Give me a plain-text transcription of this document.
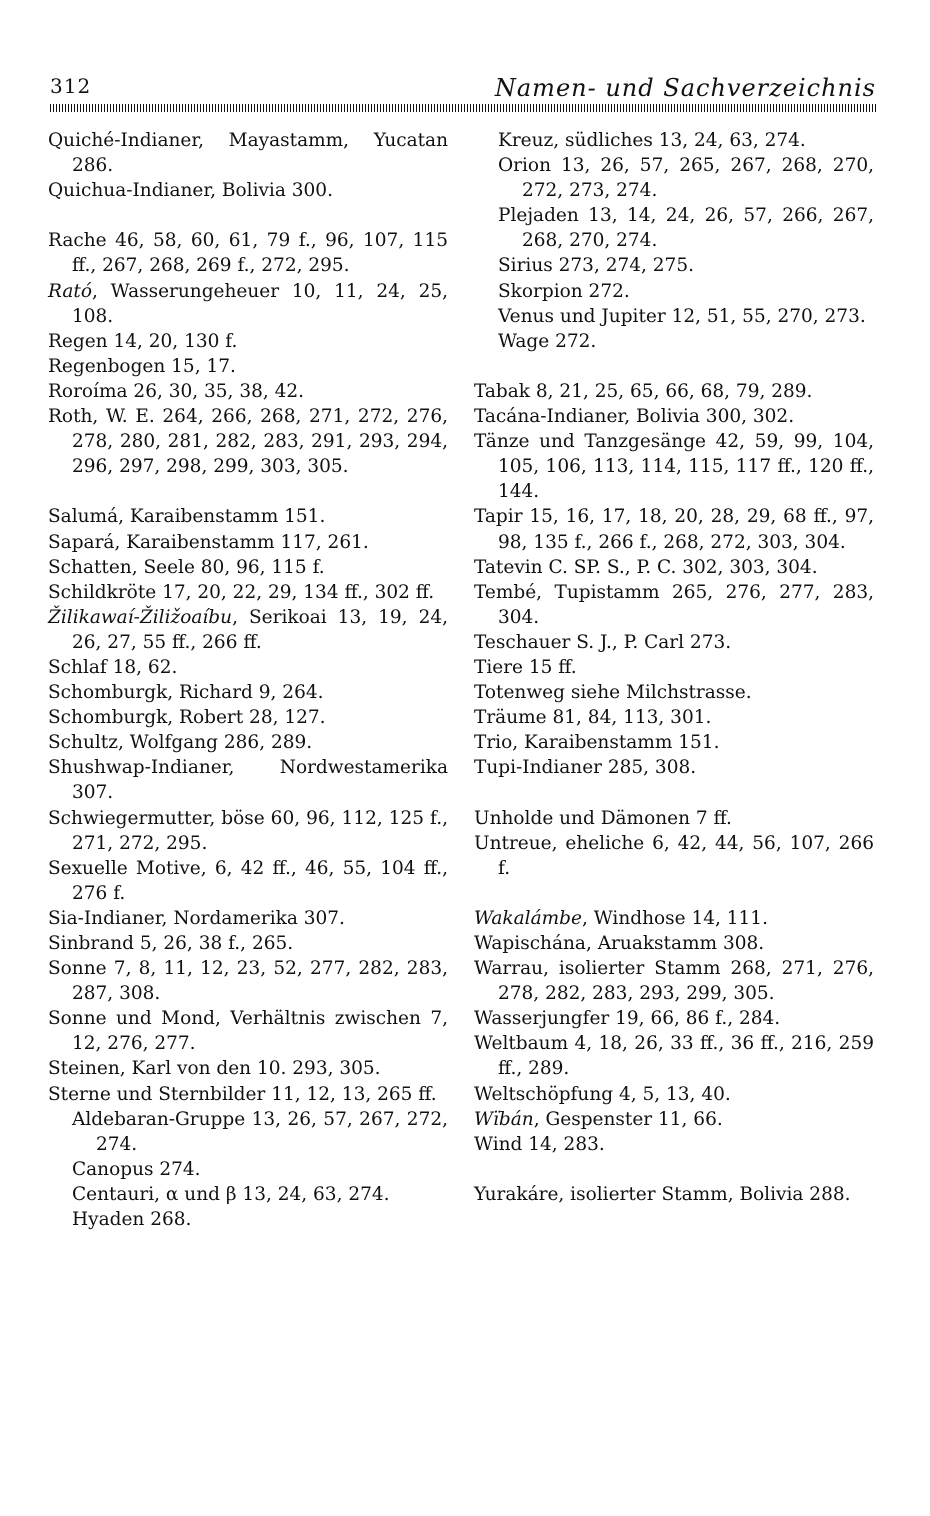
312	Namen- und Sachverzeichnis

Quiché-Indianer, Mayastamm, Yucatan 286.

Quichua-Indianer, Bolivia 300.

Rache 46, 58, 60, 61, 79 f., 96, 107, 115 ff., 267, 268, 269 f., 272, 295.

Rató, Wasserungeheuer 10, 11, 24, 25, 108.

Regen 14, 20, 130 f.

Regenbogen 15, 17.

Roroíma 26, 30, 35, 38, 42.

Roth, W. E. 264, 266, 268, 271, 272, 276, 278, 280, 281, 282, 283, 291, 293, 294, 296, 297, 298, 299, 303, 305.

Salumá, Karaibenstamm 151.

Sapará, Karaibenstamm 117, 261.

Schatten, Seele 80, 96, 115 f.

Schildkröte 17, 20, 22, 29, 134 ff., 302 ff.

Žilikawaí-Žiližoaíbu, Serikoai 13, 19, 24, 26, 27, 55 ff., 266 ff.

Schlaf 18, 62.

Schomburgk, Richard 9, 264.

Schomburgk, Robert 28, 127.

Schultz, Wolfgang 286, 289.

Shushwap-Indianer, Nordwestamerika 307.

Schwiegermutter, böse 60, 96, 112, 125 f., 271, 272, 295.

Sexuelle Motive, 6, 42 ff., 46, 55, 104 ff., 276 f.

Sia-Indianer, Nordamerika 307.

Sinbrand 5, 26, 38 f., 265.

Sonne 7, 8, 11, 12, 23, 52, 277, 282, 283, 287, 308.

Sonne und Mond, Verhältnis zwischen 7, 12, 276, 277.

Steinen, Karl von den 10. 293, 305.

Sterne und Sternbilder 11, 12, 13, 265 ff.

Aldebaran-Gruppe 13, 26, 57, 267, 272, 274.

Canopus 274.

Centauri, α und β 13, 24, 63, 274.

Hyaden 268.

Kreuz, südliches 13, 24, 63, 274.

Orion 13, 26, 57, 265, 267, 268, 270, 272, 273, 274.

Plejaden 13, 14, 24, 26, 57, 266, 267, 268, 270, 274.

Sirius 273, 274, 275.

Skorpion 272.

Venus und Jupiter 12, 51, 55, 270, 273.

Wage 272.

Tabak 8, 21, 25, 65, 66, 68, 79, 289.

Tacána-Indianer, Bolivia 300, 302.

Tänze und Tanzgesänge 42, 59, 99, 104, 105, 106, 113, 114, 115, 117 ff., 120 ff., 144.

Tapir 15, 16, 17, 18, 20, 28, 29, 68 ff., 97, 98, 135 f., 266 f., 268, 272, 303, 304.

Tatevin C. SP. S., P. C. 302, 303, 304.

Tembé, Tupistamm 265, 276, 277, 283, 304.

Teschauer S. J., P. Carl 273.

Tiere 15 ff.

Totenweg siehe Milchstrasse.

Träume 81, 84, 113, 301.

Trio, Karaibenstamm 151.

Tupi-Indianer 285, 308.

Unholde und Dämonen 7 ff.

Untreue, eheliche 6, 42, 44, 56, 107, 266 f.

Wakalámbe, Windhose 14, 111.

Wapischána, Aruakstamm 308.

Warrau, isolierter Stamm 268, 271, 276, 278, 282, 283, 293, 299, 305.

Wasserjungfer 19, 66, 86 f., 284.

Weltbaum 4, 18, 26, 33 ff., 36 ff., 216, 259 ff., 289.

Weltschöpfung 4, 5, 13, 40.

Wïbán, Gespenster 11, 66.

Wind 14, 283.

Yurakáre, isolierter Stamm, Bolivia 288.
